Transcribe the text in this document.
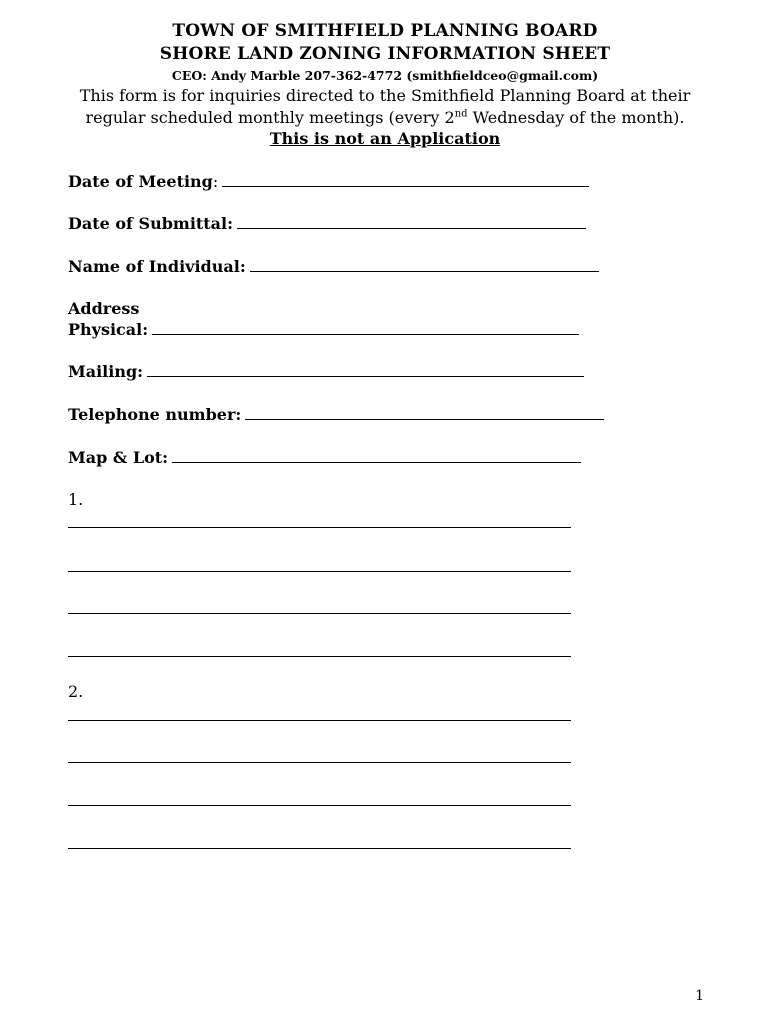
TOWN OF SMITHFIELD PLANNING BOARD
SHORE LAND ZONING INFORMATION SHEET
CEO: Andy Marble 207-362-4772 (smithfieldceo@gmail.com)
This form is for inquiries directed to the Smithfield Planning Board at their regular scheduled monthly meetings (every 2nd Wednesday of the month). This is not an Application
Date of Meeting:
Date of Submittal:
Name of Individual:
Address
Physical:
Mailing:
Telephone number:
Map & Lot:
1.
2.
1
